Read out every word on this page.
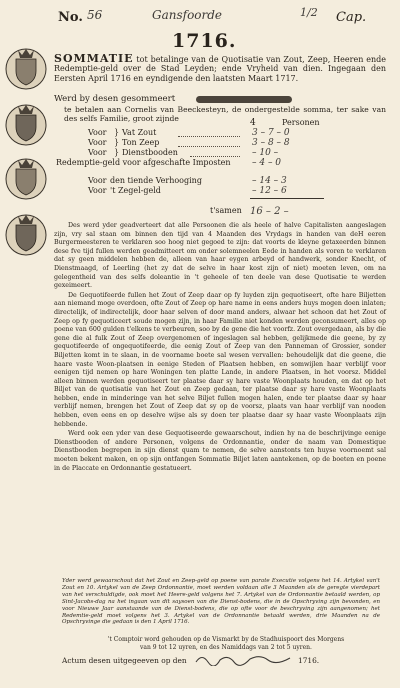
No. 56	Gansfoorde	1/2 Cap.
1716.
SOMMATIE tot betalinge van de Quotisatie van Zout, Zeep, Heeren ende Redemptie-geld over de Stad Leyden; ende Vryheid van dien. Ingegaan den Eersten April 1716 en eyndigende den laatsten Maart 1717.
Werd by desen gesommeert
te betalen aan Cornelis van Beeckesteyn, de ondergestelde somma, ter sake van des selfs Familie, groot zijnde	4	Personen
Voor } Vat Zout	3 – 7 – 0
Voor } Ton Zeep	3 – 8 – 8
Voor } Dienstbooden	– 10 –
Redemptie-geld voor afgeschafte Imposten – 4 – 0
Voor den tiende Verhooging	– 14 – 3
Voor 't Zegel-geld	– 12 – 6
t'samen 16 – 2 –

Des werd yder geadverteert dat alle Persoonen die als heele of halve Capitalisten aangeslagen zijn, vry sal staan om binnen den tijd van 4 Maanden des Vrydags in handen van deH eeren Burgermeesteren te verklaren soo hoog niet gegoed te zijn: dat voorts de kleyne getaxeerden binnen dese fve tijd fullen werden geadmitteert om onder solemneelen Eede in handen als voren te verklaren dat sy geen middelen hebben de, alleen van haar eygen arbeyd of handwerk, sonder Knecht, of Dienstmaagd, of Leerling (het zy dat de selve in haar kost zijn of niet) moeten leven, om na gelegentheid van des selfs doleantie in 't geheele of ten deele van dese Quotisatie te werden gexeimeert.

De Gequotifeerde fullen het Zout of Zeep daar op fy luyden zijn gequotiseert, ofte hare Biljetten aan niemand moge overdoen, ofte Zout of Zeep op hare name in eens anders huys mogen doen inlaten; directelijk, of indirectelijk, door haar selven of door mand anders, alwaar het schoon dat het Zout of Zeep op fy gequoticeert soude mogen zijn, in haar Familie niet konden werden geconsumeert, alles op poene van 600 gulden t'elkens te verbeuren, soo by de gene die het voorfz. Zout overgedaan, als by die gene die al fulk Zout of Zeep overgenomen of ingeslagen sal hebben, gelijkmede die geene, by zy gequotifeerde of ongequotifeerde, die eenig Zout of Zeep van den Panneman of Grossier, sonder Biljetten komt in te slaan, in de voorname boete sal wesen vervallen: behoudelijk dat die geene, die haare vaste Woon-plaatsen in eenige Steden of Plaatsen hebben, en somwijlen haar verblijf voor eenigen tijd nemen op hare Woningen ten platte Lande, in andere Plaatsen, in het voorsz. Middel alleen binnen werden gequotiseert ter plaatse daar sy hare vaste Woonplaats houden, en dat op het Biljet van de quotisatie van het Zout en Zeep gedaan, ter plaatse daar sy hare vaste Woonplaats hebben, ende in minderinge van het selve Biljet fullen mogen halen, ende ter plaatse daar sy haar verblijf nemen, brengen het Zout of Zeep dat sy op de voorsz, plaats van haar verblijf van nooden hebben, even eens en op deselve wijse als sy doen ter plaatse daar sy haar vaste Woonplaats zijn hebbende.

Werd ook een yder van dese Gequotiseerde gewaarschout, indien hy na de beschrijvinge eenige Dienstbooden of andere Personen, volgens de Ordonnantie, onder de naam van Domestique Dienstbooden begrepen in sijn dienst quam te nemen, de selve aanstonts ten huyse voornoemt sal moeten bekent maken, en op sijn ontfangen Sommatie Biljet laten aantekenen, op de boeten en poene in de Placcate en Ordonnantie gestatueert.

Yder werd gewaarschout dat het Zout en Zeep-geld op poene van parate Executie volgens het 14. Artykel van't Zout en 10. Artykel van de Zeep Ordonnantie, moet werden voldaan alle 3 Maanden als de geregte vierdepart van het verschuldigde, ook moet het Heere-geld volgens het 7. Artykel van de Ordonnantie betaald werden, op Sint-Jacobs-dag na het ingaan van dit saysoen van die Dienst-bodens, die in de Opschryving zijn bevonden, en voor Nieuwe Jaar aanstaande van de Dienst-bodens, die op ofte voor de beschryving zijn aangenomen; het Redemtie-geld moet volgens het 3. Artykel van de Ordonnantie betaald werden, drie Maanden na de Opschryvinge die gedaan is den 1 April 1716.
't Comptoir word gehouden op de Vismarkt by de Stadhuispoort des Morgens
van 9 tot 12 uyren, en des Namiddags van 2 tot 5 uyren.
Actum desen uitgegeeven op den	1716.
